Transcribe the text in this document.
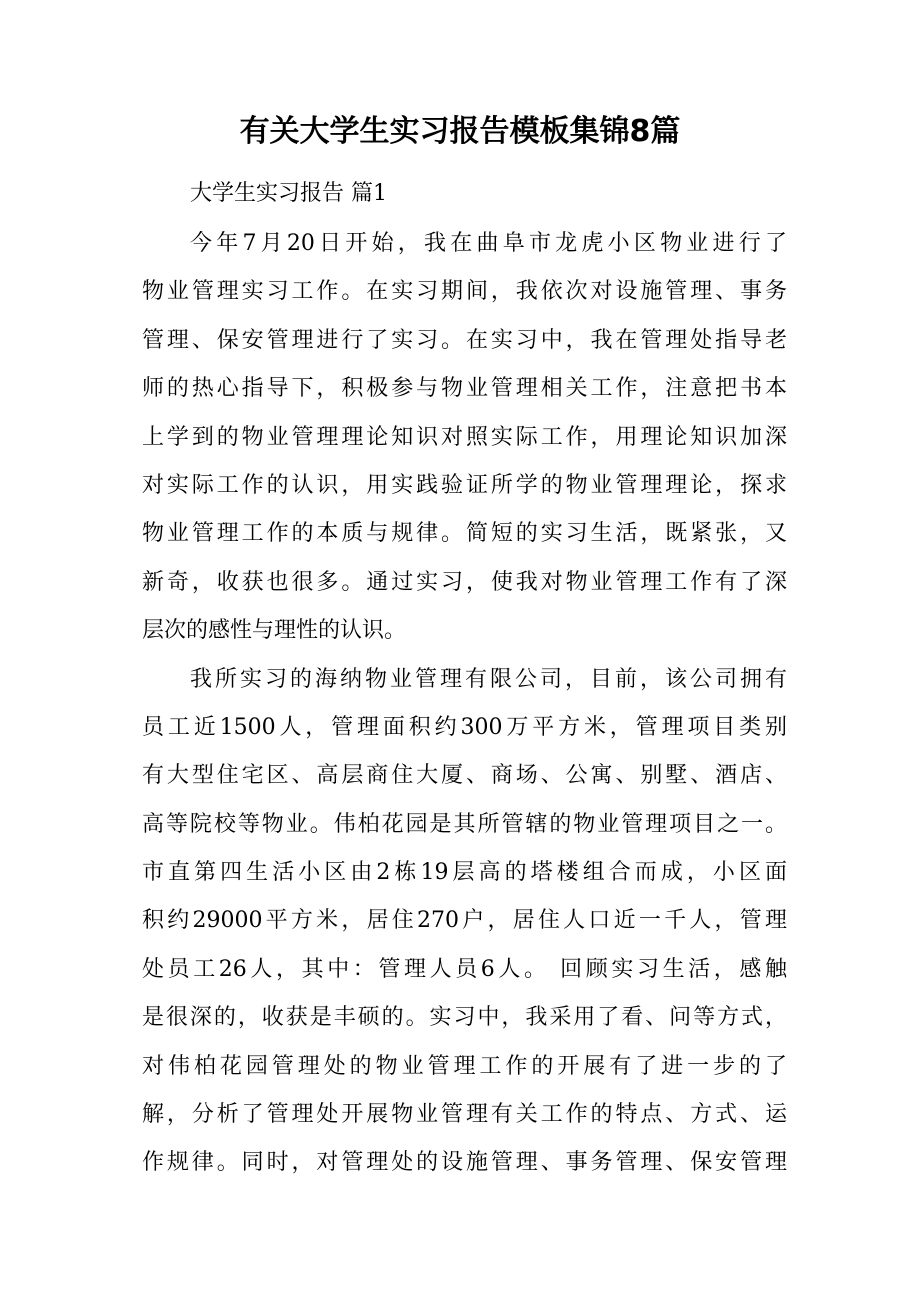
有关大学生实习报告模板集锦8篇
大学生实习报告 篇1
今年7月20日开始，我在曲阜市龙虎小区物业进行了
物业管理实习工作。在实习期间，我依次对设施管理、事务
管理、保安管理进行了实习。在实习中，我在管理处指导老
师的热心指导下，积极参与物业管理相关工作，注意把书本
上学到的物业管理理论知识对照实际工作，用理论知识加深
对实际工作的认识，用实践验证所学的物业管理理论，探求
物业管理工作的本质与规律。简短的实习生活，既紧张，又
新奇，收获也很多。通过实习，使我对物业管理工作有了深
层次的感性与理性的认识。
我所实习的海纳物业管理有限公司，目前，该公司拥有
员工近1500人，管理面积约300万平方米，管理项目类别
有大型住宅区、高层商住大厦、商场、公寓、别墅、酒店、
高等院校等物业。伟柏花园是其所管辖的物业管理项目之一。
市直第四生活小区由2栋19层高的塔楼组合而成，小区面
积约29000平方米，居住270户，居住人口近一千人，管理
处员工26人，其中：管理人员6人。 回顾实习生活，感触
是很深的，收获是丰硕的。实习中，我采用了看、问等方式，
对伟柏花园管理处的物业管理工作的开展有了进一步的了
解，分析了管理处开展物业管理有关工作的特点、方式、运
作规律。同时，对管理处的设施管理、事务管理、保安管理
